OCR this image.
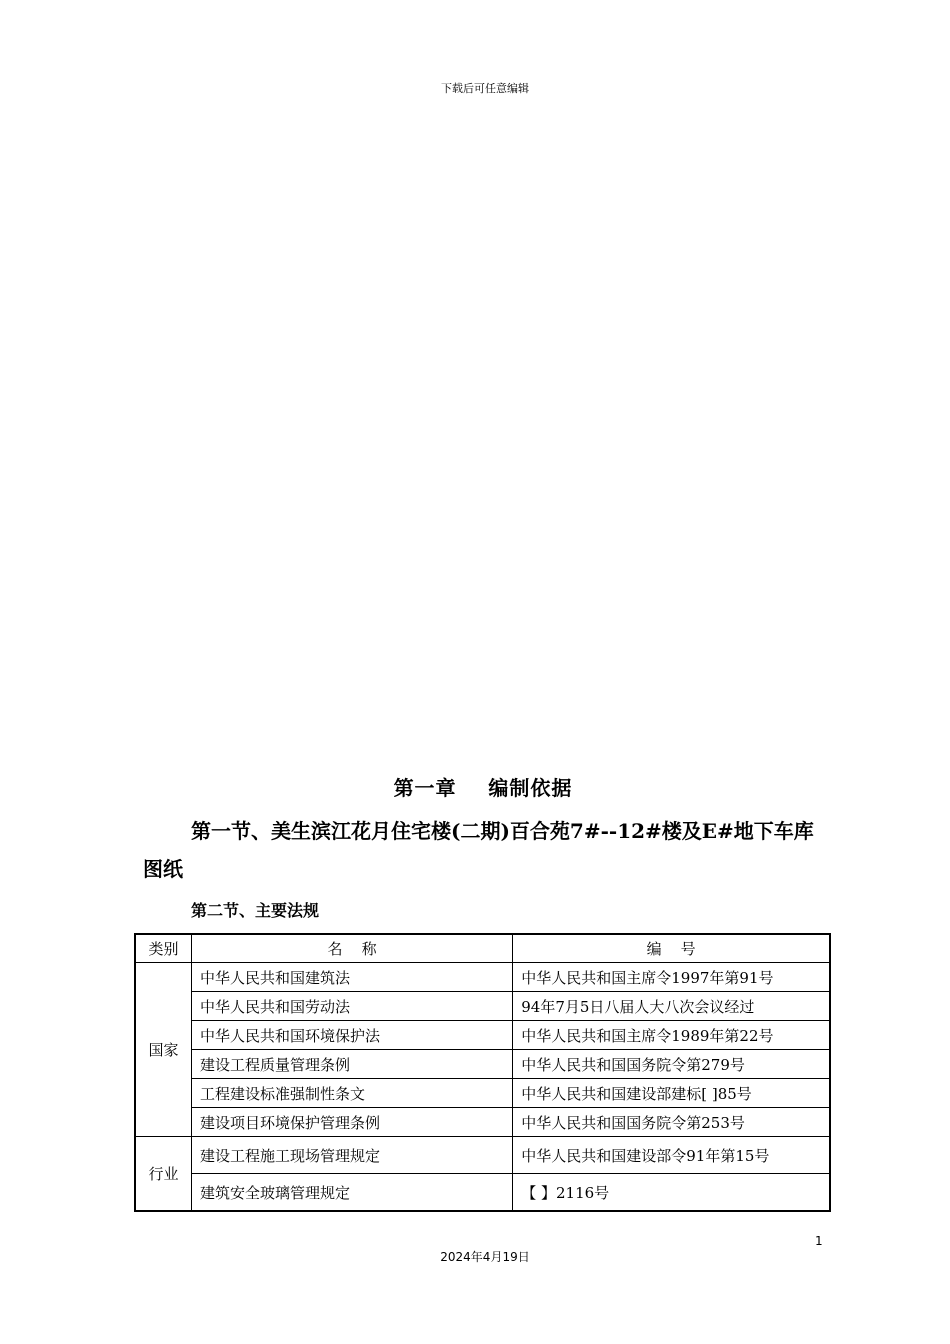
下载后可任意编辑
第一章    编制依据
第一节、美生滨江花月住宅楼(二期)百合苑7#--12#楼及E#地下车库图纸
第二节、主要法规
类别	名    称	编    号
国家	中华人民共和国建筑法	中华人民共和国主席令1997年第91号
	中华人民共和国劳动法	94年7月5日八届人大八次会议经过
	中华人民共和国环境保护法	中华人民共和国主席令1989年第22号
	建设工程质量管理条例	中华人民共和国国务院令第279号
	工程建设标准强制性条文	中华人民共和国建设部建标[ ]85号
	建设项目环境保护管理条例	中华人民共和国国务院令第253号
行业	建设工程施工现场管理规定	中华人民共和国建设部令91年第15号
	建筑安全玻璃管理规定	【 】2116号
1
2024年4月19日
